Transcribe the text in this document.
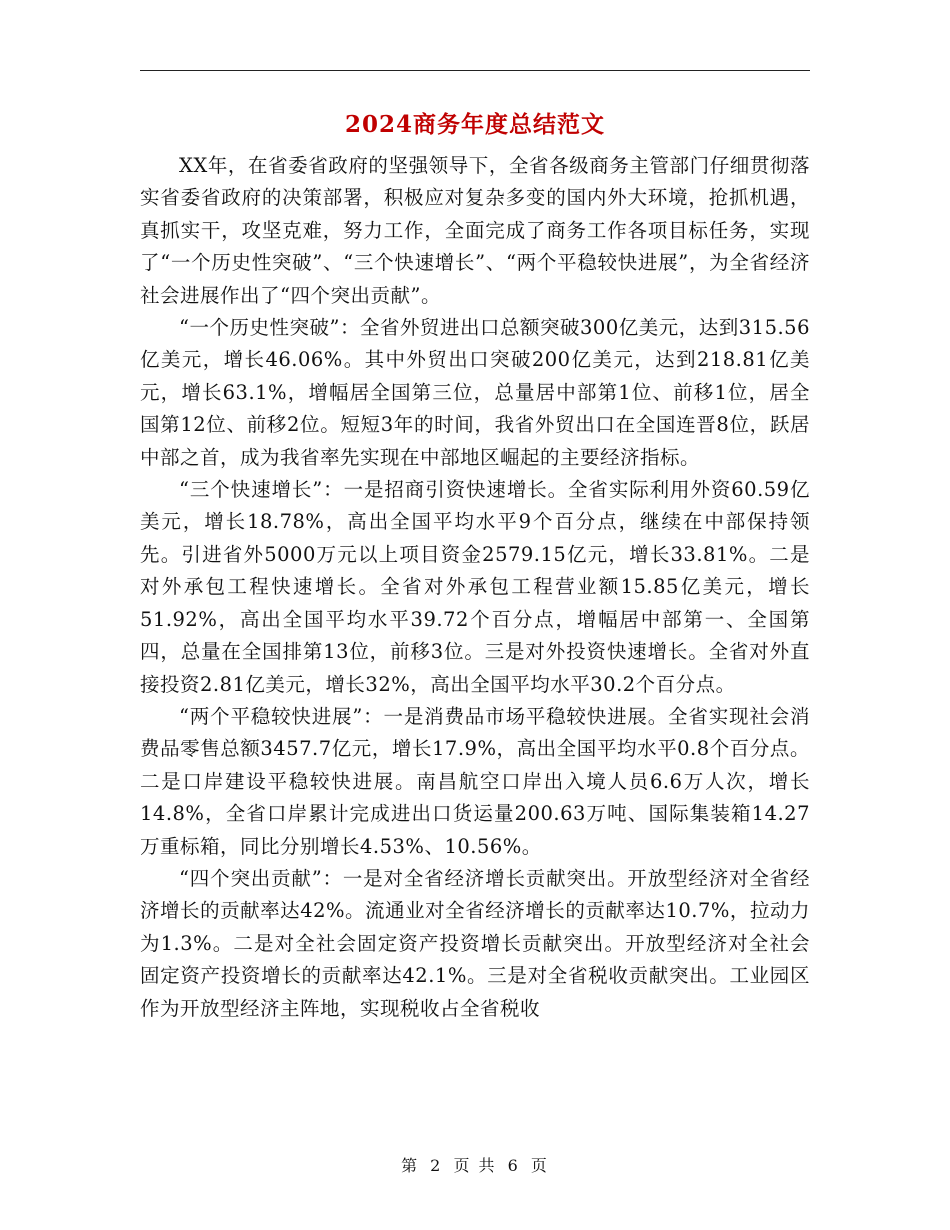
2024商务年度总结范文

XX年，在省委省政府的坚强领导下，全省各级商务主管部门仔细贯彻落实省委省政府的决策部署，积极应对复杂多变的国内外大环境，抢抓机遇，真抓实干，攻坚克难，努力工作，全面完成了商务工作各项目标任务，实现了“一个历史性突破”、“三个快速增长”、“两个平稳较快进展”，为全省经济社会进展作出了“四个突出贡献”。

“一个历史性突破”：全省外贸进出口总额突破300亿美元，达到315.56亿美元，增长46.06%。其中外贸出口突破200亿美元，达到218.81亿美元，增长63.1%，增幅居全国第三位，总量居中部第1位、前移1位，居全国第12位、前移2位。短短3年的时间，我省外贸出口在全国连晋8位，跃居中部之首，成为我省率先实现在中部地区崛起的主要经济指标。

“三个快速增长”：一是招商引资快速增长。全省实际利用外资60.59亿美元，增长18.78%，高出全国平均水平9个百分点，继续在中部保持领先。引进省外5000万元以上项目资金2579.15亿元，增长33.81%。二是对外承包工程快速增长。全省对外承包工程营业额15.85亿美元，增长51.92%，高出全国平均水平39.72个百分点，增幅居中部第一、全国第四，总量在全国排第13位，前移3位。三是对外投资快速增长。全省对外直接投资2.81亿美元，增长32%，高出全国平均水平30.2个百分点。

“两个平稳较快进展”：一是消费品市场平稳较快进展。全省实现社会消费品零售总额3457.7亿元，增长17.9%，高出全国平均水平0.8个百分点。二是口岸建设平稳较快进展。南昌航空口岸出入境人员6.6万人次，增长14.8%，全省口岸累计完成进出口货运量200.63万吨、国际集装箱14.27万重标箱，同比分别增长4.53%、10.56%。

“四个突出贡献”：一是对全省经济增长贡献突出。开放型经济对全省经济增长的贡献率达42%。流通业对全省经济增长的贡献率达10.7%，拉动力为1.3%。二是对全社会固定资产投资增长贡献突出。开放型经济对全社会固定资产投资增长的贡献率达42.1%。三是对全省税收贡献突出。工业园区作为开放型经济主阵地，实现税收占全省税收

第 2 页 共 6 页
